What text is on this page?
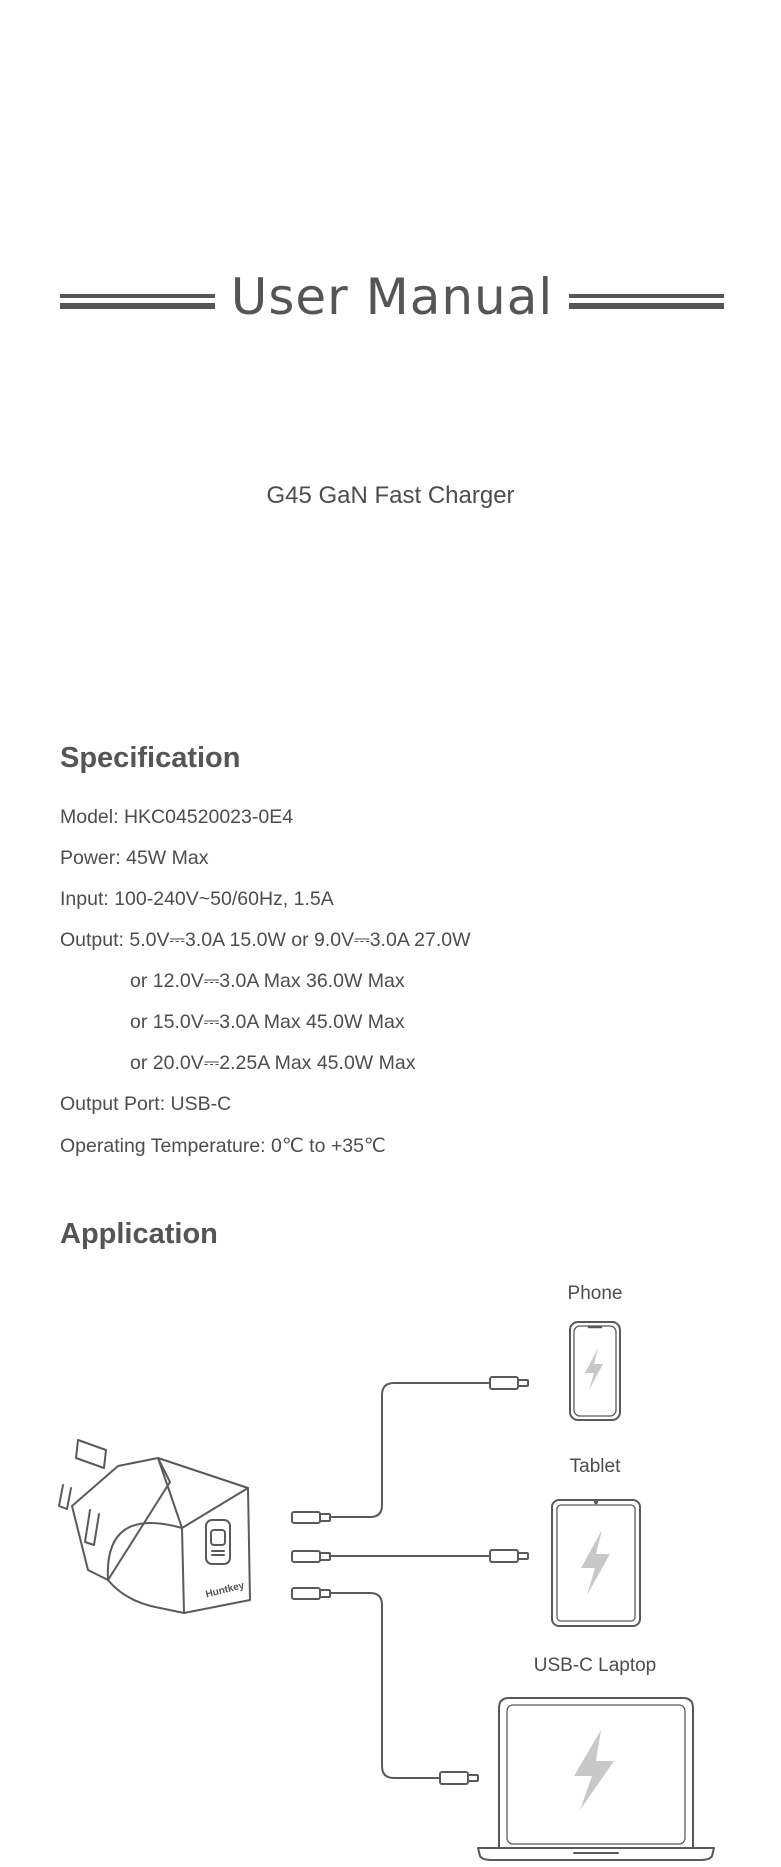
User Manual
G45 GaN Fast Charger
Specification
Model: HKC04520023-0E4
Power: 45W Max
Input: 100-240V~50/60Hz, 1.5A
Output: 5.0V⎓3.0A 15.0W or 9.0V⎓3.0A 27.0W
or 12.0V⎓3.0A Max 36.0W Max
or 15.0V⎓3.0A Max 45.0W Max
or 20.0V⎓2.25A Max 45.0W Max
Output Port: USB-C
Operating Temperature: 0℃ to +35℃
Application
Phone
Tablet
USB-C Laptop
Huntkey
